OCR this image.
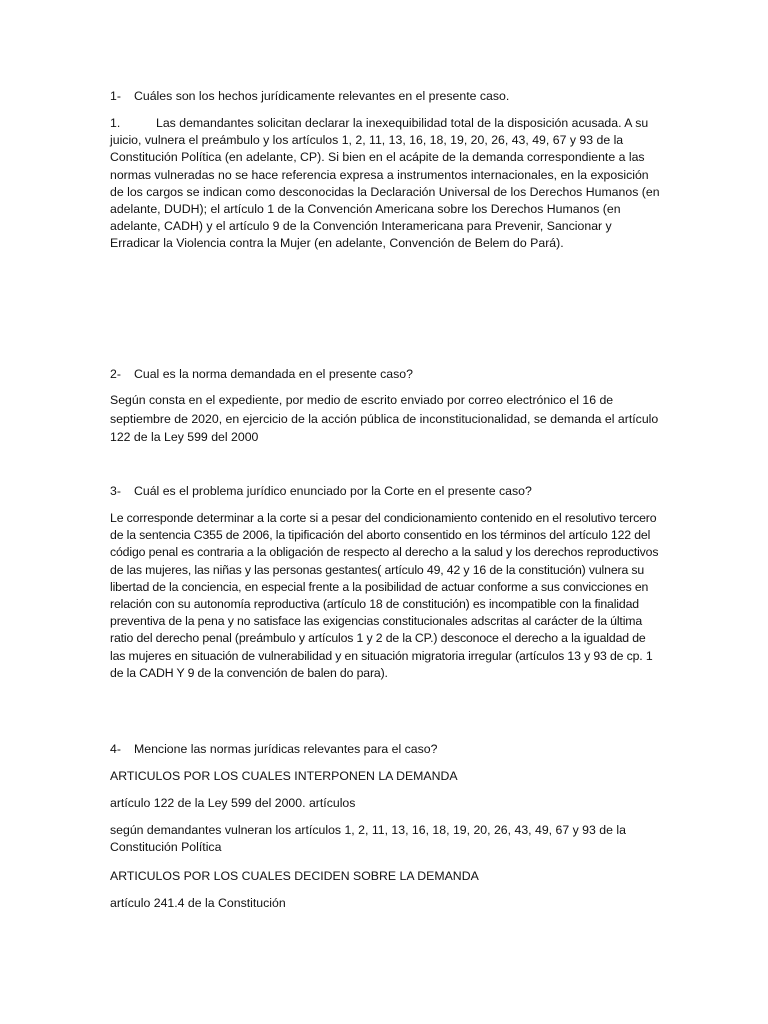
1-	Cuáles son los hechos jurídicamente relevantes en el presente caso.

1.	Las demandantes solicitan declarar la inexequibilidad total de la disposición acusada. A su juicio, vulnera el preámbulo y los artículos 1, 2, 11, 13, 16, 18, 19, 20, 26, 43, 49, 67 y 93 de la Constitución Política (en adelante, CP). Si bien en el acápite de la demanda correspondiente a las normas vulneradas no se hace referencia expresa a instrumentos internacionales, en la exposición de los cargos se indican como desconocidas la Declaración Universal de los Derechos Humanos (en adelante, DUDH); el artículo 1 de la Convención Americana sobre los Derechos Humanos (en adelante, CADH) y el artículo 9 de la Convención Interamericana para Prevenir, Sancionar y Erradicar la Violencia contra la Mujer (en adelante, Convención de Belem do Pará).

2-	Cual es la norma demandada en el presente caso?

Según consta en el expediente, por medio de escrito enviado por correo electrónico el 16 de septiembre de 2020, en ejercicio de la acción pública de inconstitucionalidad, se demanda el artículo 122 de la Ley 599 del 2000

3-	Cuál es el problema jurídico enunciado por la Corte en el presente caso?

Le corresponde determinar a la corte si a pesar del condicionamiento contenido en el resolutivo tercero de la sentencia C355 de 2006, la tipificación del aborto consentido en los términos del artículo 122 del código penal es contraria a la obligación de respecto al derecho a la salud y los derechos reproductivos de las mujeres, las niñas y las personas gestantes( artículo 49, 42 y 16 de la constitución) vulnera su libertad de la conciencia, en especial frente a la posibilidad de actuar conforme a sus convicciones en relación con su autonomía reproductiva (artículo 18 de constitución) es incompatible con la finalidad preventiva de la pena y no satisface las exigencias constitucionales adscritas al carácter de la última ratio del derecho penal (preámbulo y artículos 1 y 2 de la CP.) desconoce el derecho a la igualdad de las mujeres en situación de vulnerabilidad y en situación migratoria irregular (artículos 13 y 93 de cp. 1 de la CADH Y 9 de la convención de balen do para).

4-	Mencione las normas jurídicas relevantes para el caso?

ARTICULOS POR LOS CUALES INTERPONEN LA DEMANDA

artículo 122 de la Ley 599 del 2000. artículos

según demandantes vulneran los artículos 1, 2, 11, 13, 16, 18, 19, 20, 26, 43, 49, 67 y 93 de la Constitución Política

ARTICULOS POR LOS CUALES DECIDEN SOBRE LA DEMANDA

artículo 241.4 de la Constitución
